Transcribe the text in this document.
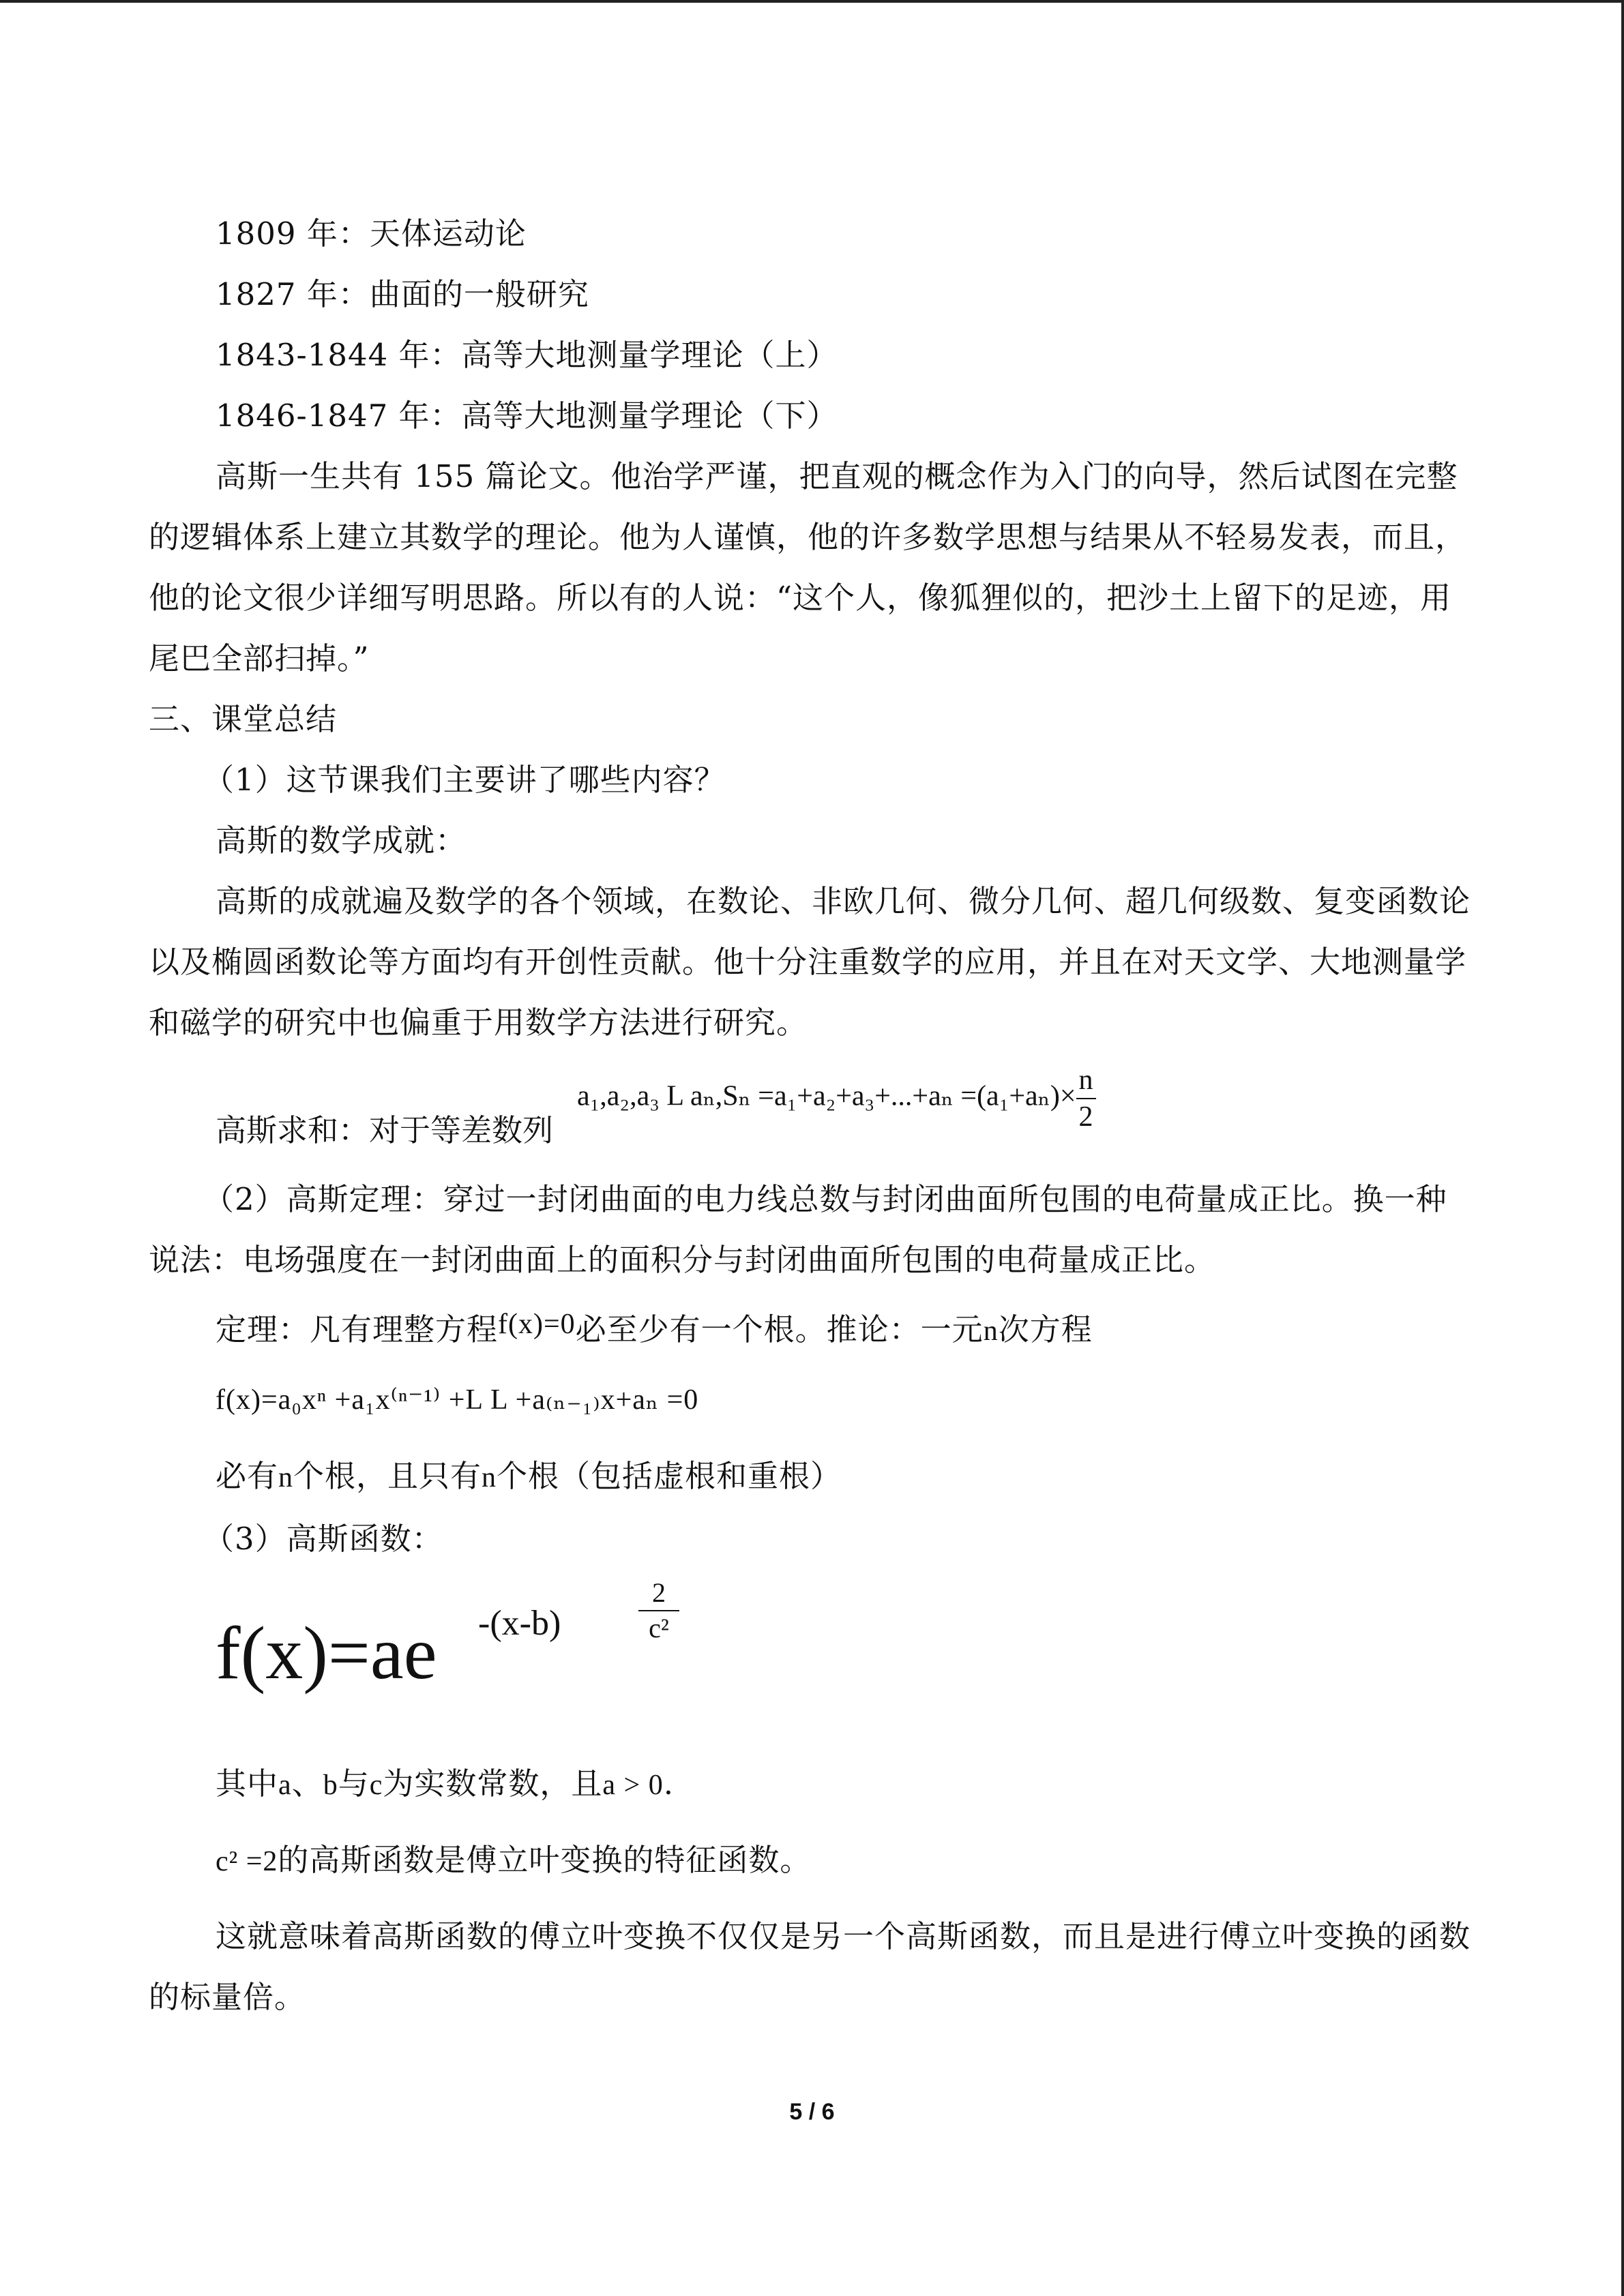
1809 年：天体运动论

1827 年：曲面的一般研究

1843-1844 年：高等大地测量学理论（上）

1846-1847 年：高等大地测量学理论（下）

高斯一生共有 155 篇论文。他治学严谨，把直观的概念作为入门的向导，然后试图在完整的逻辑体系上建立其数学的理论。他为人谨慎，他的许多数学思想与结果从不轻易发表，而且，他的论文很少详细写明思路。所以有的人说：“这个人，像狐狸似的，把沙土上留下的足迹，用尾巴全部扫掉。”

三、课堂总结

（1）这节课我们主要讲了哪些内容？

高斯的数学成就：

高斯的成就遍及数学的各个领域，在数论、非欧几何、微分几何、超几何级数、复变函数论以及椭圆函数论等方面均有开创性贡献。他十分注重数学的应用，并且在对天文学、大地测量学和磁学的研究中也偏重于用数学方法进行研究。

高斯求和：对于等差数列
a₁,a₂,a₃ L $a_n,S_n =a_1+a_2+a_3+...+a_n =(a_1+a_n)\times \frac{n}{2}$

（2）高斯定理：穿过一封闭曲面的电力线总数与封闭曲面所包围的电荷量成正比。换一种说法：电场强度在一封闭曲面上的面积分与封闭曲面所包围的电荷量成正比。

定理：凡有理整方程f(x)=0必至少有一个根。推论：一元n次方程

f(x)=a₀xⁿ +a₁x⁽ⁿ⁻¹⁾ +L L +a₍ₙ₋₁₎x+aₙ =0

必有n个根，且只有n个根（包括虚根和重根）

（3）高斯函数：

f(x)=ae -(x-b)	$\frac{2}{\text{c²}}$

其中a、b与c为实数常数，且a > 0.

c² =2的高斯函数是傅立叶变换的特征函数。

这就意味着高斯函数的傅立叶变换不仅仅是另一个高斯函数，而且是进行傅立叶变换的函数的标量倍。

5 / 6
